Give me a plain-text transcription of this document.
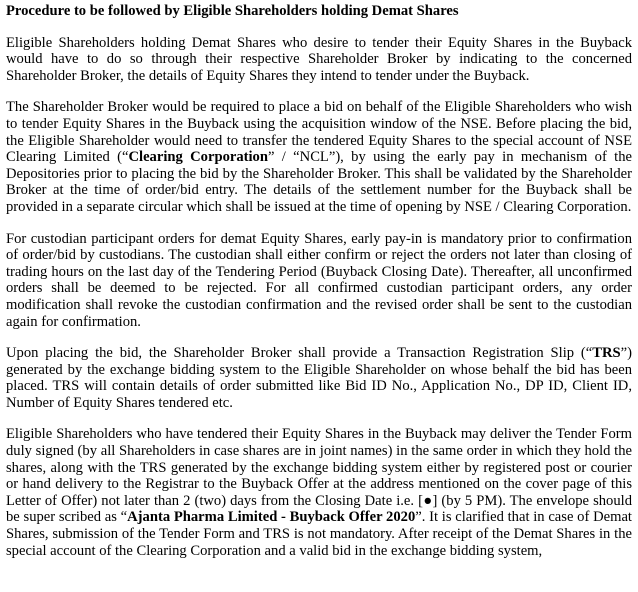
Procedure to be followed by Eligible Shareholders holding Demat Shares

Eligible Shareholders holding Demat Shares who desire to tender their Equity Shares in the Buyback would have to do so through their respective Shareholder Broker by indicating to the concerned Shareholder Broker, the details of Equity Shares they intend to tender under the Buyback.

The Shareholder Broker would be required to place a bid on behalf of the Eligible Shareholders who wish to tender Equity Shares in the Buyback using the acquisition window of the NSE. Before placing the bid, the Eligible Shareholder would need to transfer the tendered Equity Shares to the special account of NSE Clearing Limited (“Clearing Corporation” / “NCL”), by using the early pay in mechanism of the Depositories prior to placing the bid by the Shareholder Broker. This shall be validated by the Shareholder Broker at the time of order/bid entry. The details of the settlement number for the Buyback shall be provided in a separate circular which shall be issued at the time of opening by NSE / Clearing Corporation.

For custodian participant orders for demat Equity Shares, early pay-in is mandatory prior to confirmation of order/bid by custodians. The custodian shall either confirm or reject the orders not later than closing of trading hours on the last day of the Tendering Period (Buyback Closing Date). Thereafter, all unconfirmed orders shall be deemed to be rejected. For all confirmed custodian participant orders, any order modification shall revoke the custodian confirmation and the revised order shall be sent to the custodian again for confirmation.

Upon placing the bid, the Shareholder Broker shall provide a Transaction Registration Slip (“TRS”) generated by the exchange bidding system to the Eligible Shareholder on whose behalf the bid has been placed. TRS will contain details of order submitted like Bid ID No., Application No., DP ID, Client ID, Number of Equity Shares tendered etc.

Eligible Shareholders who have tendered their Equity Shares in the Buyback may deliver the Tender Form duly signed (by all Shareholders in case shares are in joint names) in the same order in which they hold the shares, along with the TRS generated by the exchange bidding system either by registered post or courier or hand delivery to the Registrar to the Buyback Offer at the address mentioned on the cover page of this Letter of Offer) not later than 2 (two) days from the Closing Date i.e. [●] (by 5 PM). The envelope should be super scribed as “Ajanta Pharma Limited - Buyback Offer 2020”. It is clarified that in case of Demat Shares, submission of the Tender Form and TRS is not mandatory. After receipt of the Demat Shares in the special account of the Clearing Corporation and a valid bid in the exchange bidding system,
